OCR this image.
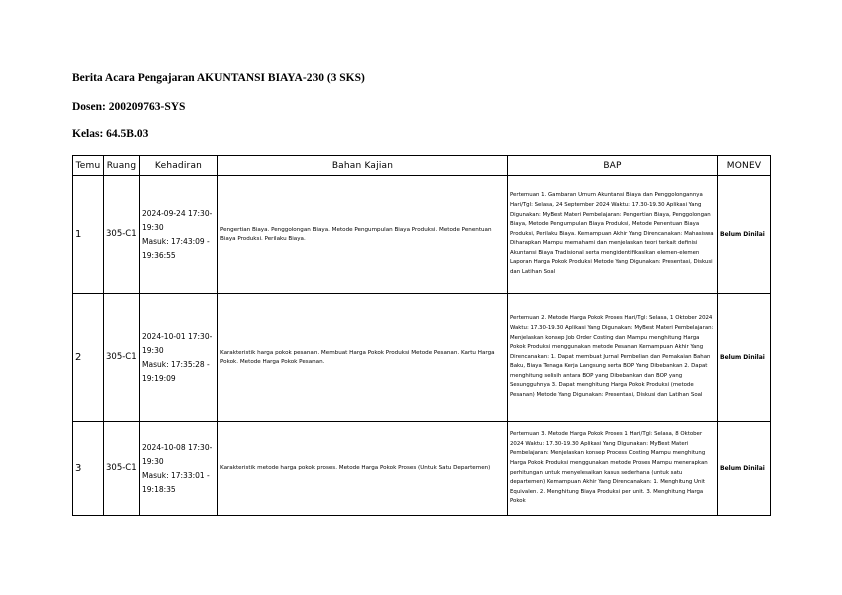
Berita Acara Pengajaran AKUNTANSI BIAYA-230 (3 SKS)
Dosen: 200209763-SYS
Kelas: 64.5B.03
Temu	Ruang	Kehadiran	Bahan Kajian	BAP	MONEV
1	305-C1	2024-09-24 17:30-19:30
Masuk: 17:43:09 - 19:36:55	Pengertian Biaya. Penggolongan Biaya. Metode Pengumpulan Biaya Produksi. Metode Penentuan Biaya Produksi. Perilaku Biaya.	Pertemuan 1. Gambaran Umum Akuntansi Biaya dan Penggolongannya Hari/Tgl: Selasa, 24 September 2024 Waktu: 17.30-19.30 Aplikasi Yang Digunakan: MyBest Materi Pembelajaran: Pengertian Biaya, Penggolongan Biaya, Metode Pengumpulan Biaya Produksi, Metode Penentuan Biaya Produksi, Perilaku Biaya. Kemampuan Akhir Yang Direncanakan: Mahasiswa Diharapkan Mampu memahami dan menjelaskan teori terkait definisi Akuntansi Biaya Tradisional serta mengidentifikasikan elemen-elemen Laporan Harga Pokok Produksi Metode Yang Digunakan: Presentasi, Diskusi dan Latihan Soal	Belum Dinilai
2	305-C1	2024-10-01 17:30-19:30
Masuk: 17:35:28 - 19:19:09	Karakteristik harga pokok pesanan. Membuat Harga Pokok Produksi Metode Pesanan. Kartu Harga Pokok. Metode Harga Pokok Pesanan.	Pertemuan 2. Metode Harga Pokok Proses Hari/Tgl: Selasa, 1 Oktober 2024 Waktu: 17.30-19.30 Aplikasi Yang Digunakan: MyBest Materi Pembelajaran: Menjelaskan konsep Job Order Costing dan Mampu menghitung Harga Pokok Produksi menggunakan metode Pesanan Kemampuan Akhir Yang Direncanakan: 1. Dapat membuat Jurnal Pembelian dan Pemakaian Bahan Baku, Biaya Tenaga Kerja Langsung serta BOP Yang Dibebankan 2. Dapat menghitung selisih antara BOP yang Dibebankan dan BOP yang Sesungguhnya 3. Dapat menghitung Harga Pokok Produksi (metode Pesanan) Metode Yang Digunakan: Presentasi, Diskusi dan Latihan Soal	Belum Dinilai
3	305-C1	2024-10-08 17:30-19:30
Masuk: 17:33:01 - 19:18:35	Karakteristik metode harga pokok proses. Metode Harga Pokok Proses (Untuk Satu Departemen)	Pertemuan 3. Metode Harga Pokok Proses 1 Hari/Tgl: Selasa, 8 Oktober 2024 Waktu: 17.30-19.30 Aplikasi Yang Digunakan: MyBest Materi Pembelajaran: Menjelaskan konsep Process Costing Mampu menghitung Harga Pokok Produksi menggunakan metode Proses Mampu menerapkan perhitungan untuk menyelesaikan kasus sederhana (untuk satu departemen) Kemampuan Akhir Yang Direncanakan: 1. Menghitung Unit Equivalen. 2. Menghitung Biaya Produksi per unit. 3. Menghitung Harga Pokok	Belum Dinilai
